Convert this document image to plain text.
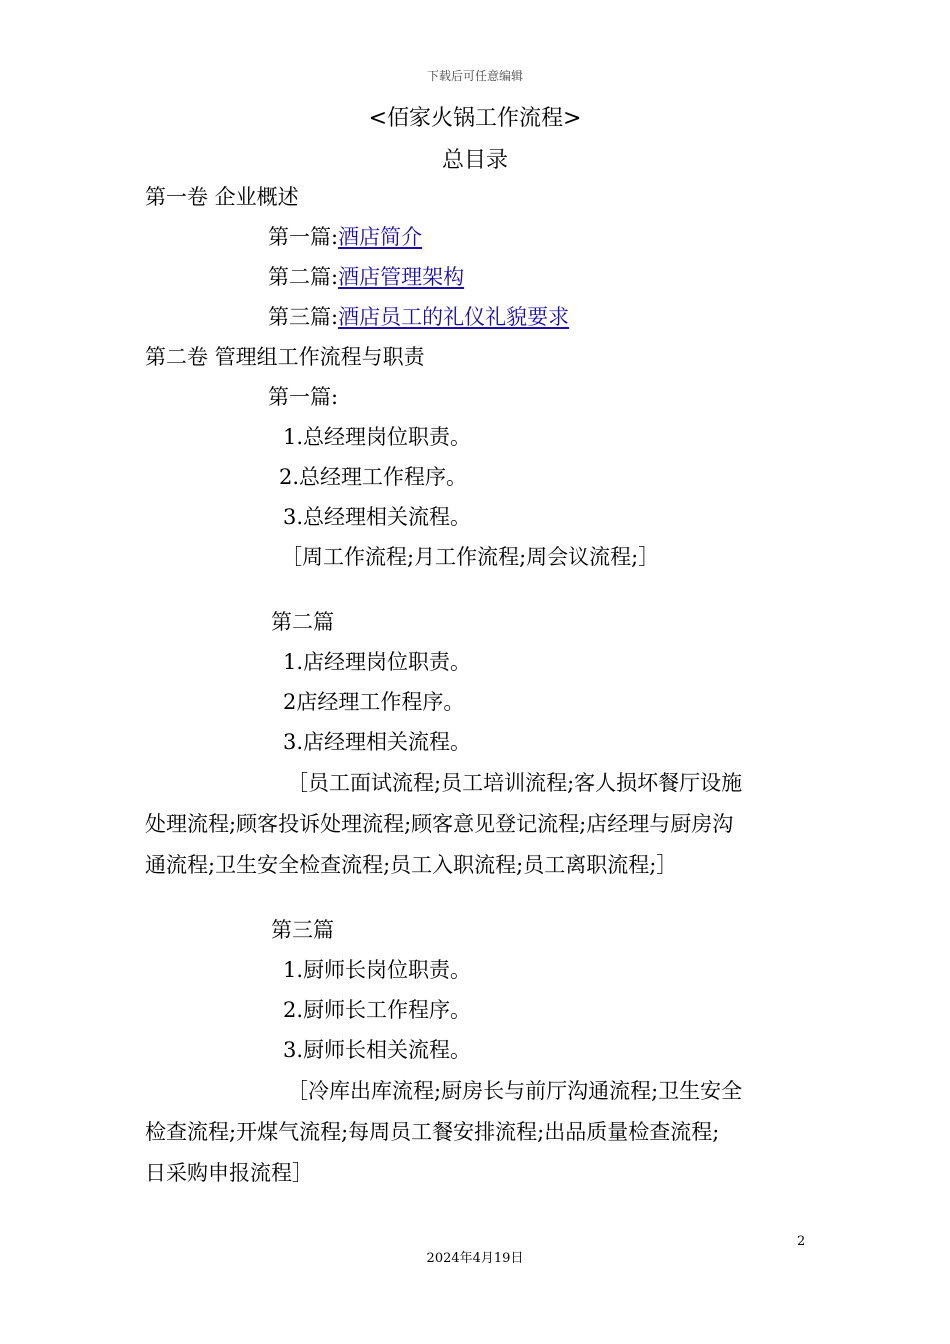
下载后可任意编辑
<佰家火锅工作流程>
总目录
第一卷 企业概述
第一篇:酒店简介
第二篇:酒店管理架构
第三篇:酒店员工的礼仪礼貌要求
第二卷 管理组工作流程与职责
第一篇:
1.总经理岗位职责。
2.总经理工作程序。
3.总经理相关流程。
［周工作流程;月工作流程;周会议流程;］
第二篇
1.店经理岗位职责。
2店经理工作程序。
3.店经理相关流程。
［员工面试流程;员工培训流程;客人损坏餐厅设施
处理流程;顾客投诉处理流程;顾客意见登记流程;店经理与厨房沟
通流程;卫生安全检查流程;员工入职流程;员工离职流程;］
第三篇
1.厨师长岗位职责。
2.厨师长工作程序。
3.厨师长相关流程。
［冷库出库流程;厨房长与前厅沟通流程;卫生安全
检查流程;开煤气流程;每周员工餐安排流程;出品质量检查流程;
日采购申报流程］
2
2024年4月19日
